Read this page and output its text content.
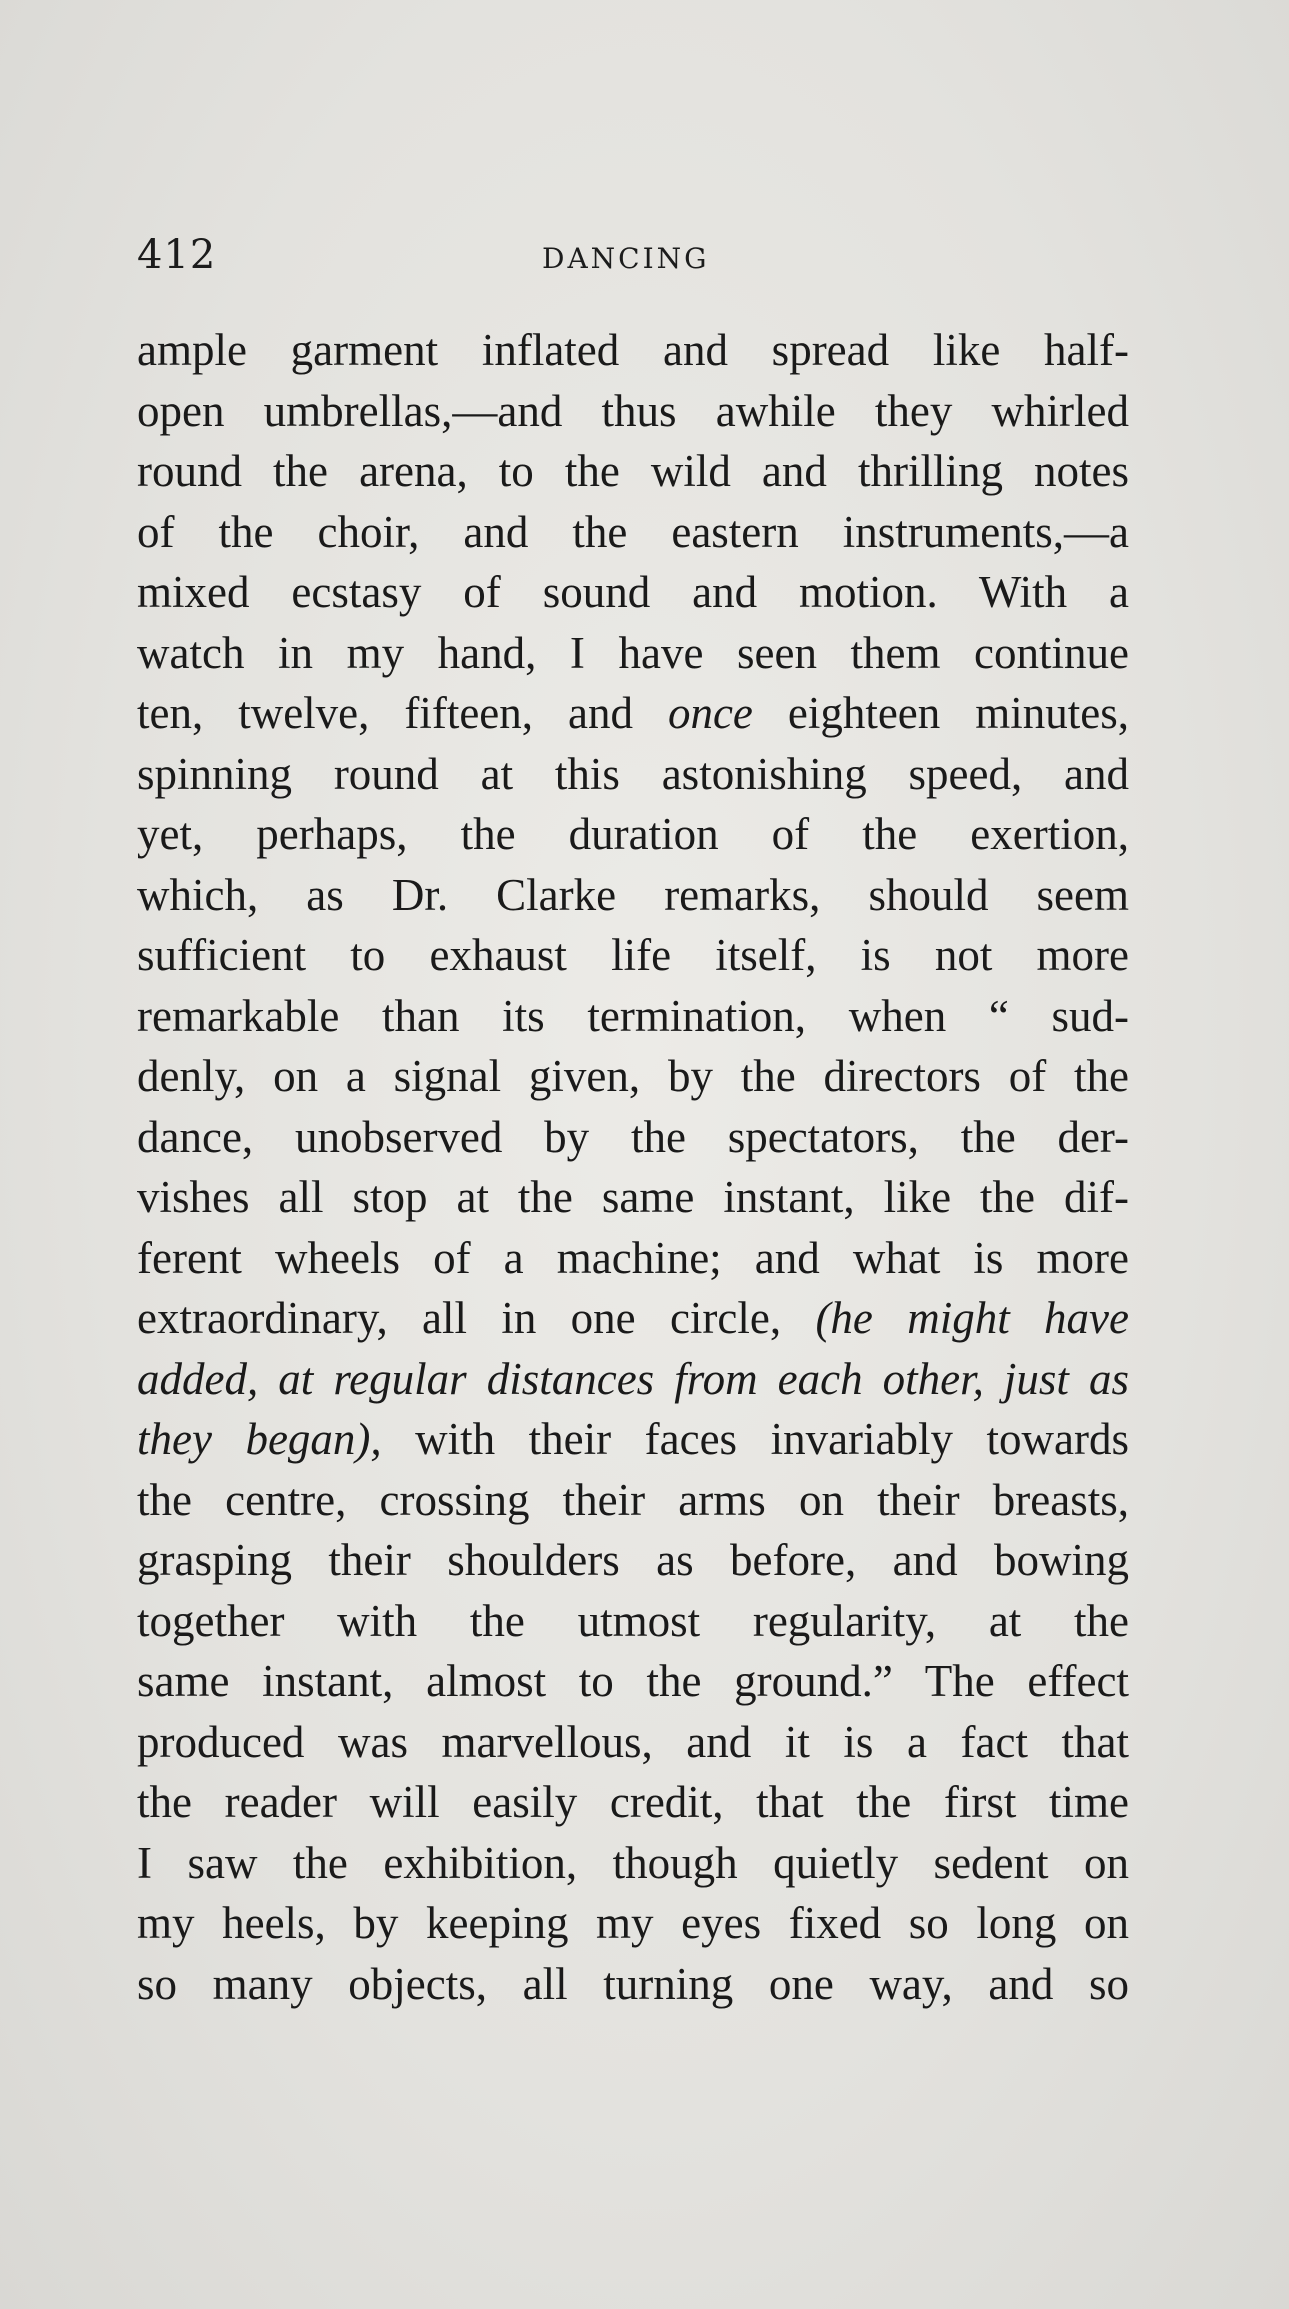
412	DANCING
ample garment inflated and spread like half-
open umbrellas,—and thus awhile they whirled
round the arena, to the wild and thrilling notes
of the choir, and the eastern instruments,—a
mixed ecstasy of sound and motion. With a
watch in my hand, I have seen them continue
ten, twelve, fifteen, and once eighteen minutes,
spinning round at this astonishing speed, and
yet, perhaps, the duration of the exertion,
which, as Dr. Clarke remarks, should seem
sufficient to exhaust life itself, is not more
remarkable than its termination, when “ sud-
denly, on a signal given, by the directors of the
dance, unobserved by the spectators, the der-
vishes all stop at the same instant, like the dif-
ferent wheels of a machine; and what is more
extraordinary, all in one circle, (he might have
added, at regular distances from each other, just as
they began), with their faces invariably towards
the centre, crossing their arms on their breasts,
grasping their shoulders as before, and bowing
together with the utmost regularity, at the
same instant, almost to the ground.” The effect
produced was marvellous, and it is a fact that
the reader will easily credit, that the first time
I saw the exhibition, though quietly sedent on
my heels, by keeping my eyes fixed so long on
so many objects, all turning one way, and so
